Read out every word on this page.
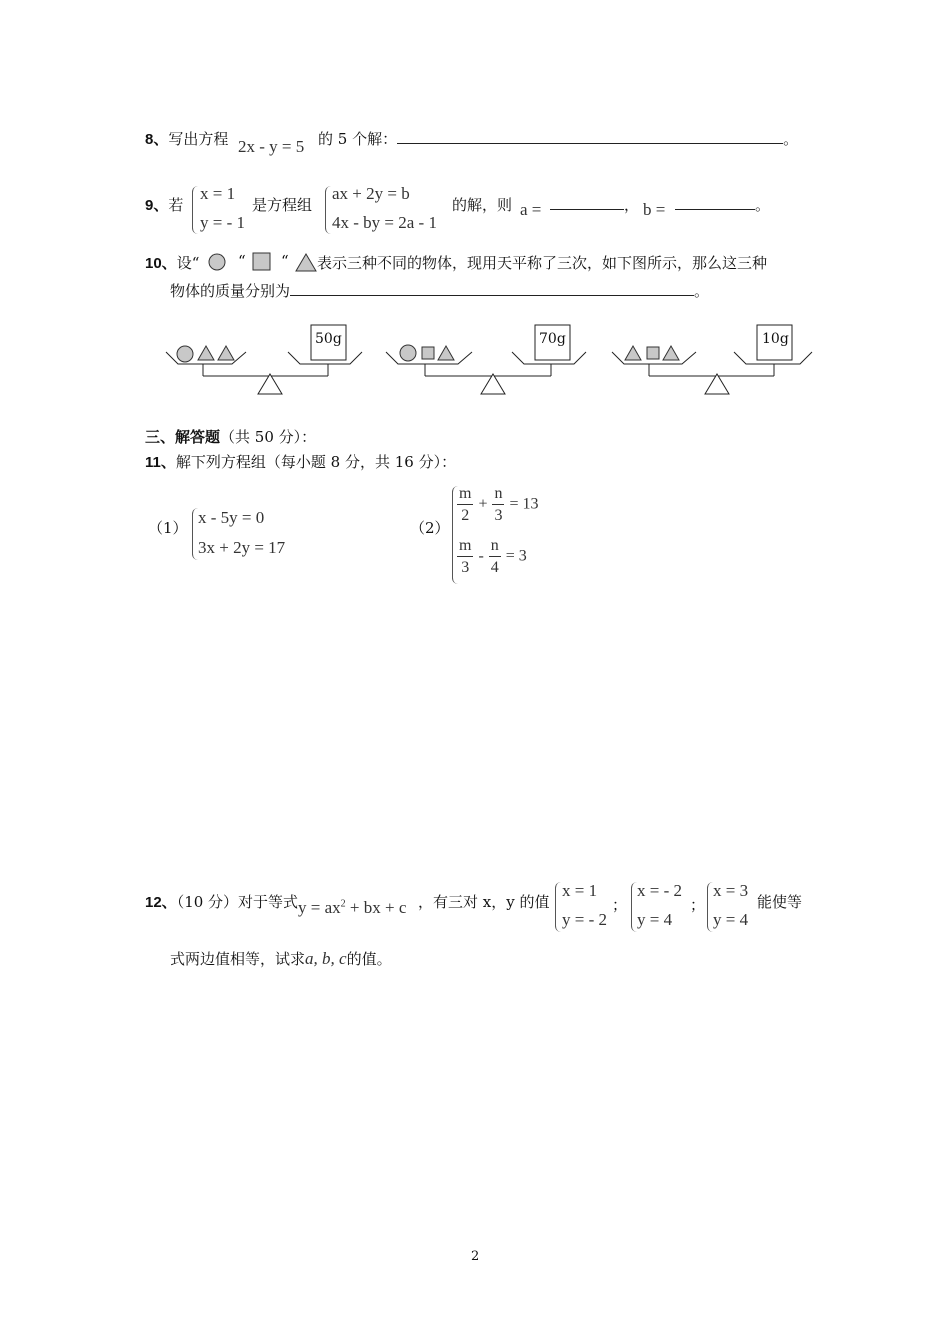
8、写出方程 2x - y = 5 的 5 个解：	。
9、若
x = 1
y = - 1
是方程组
ax + 2y = b
4x - by = 2a - 1
的解，则 a =	， b =	。
10、设“	“ “ 表示三种不同的物体，现用天平称了三次，如下图所示，那么这三种
物体的质量分别为	。
50g	70g	10g
三、解答题（共 50 分）：
11、解下列方程组（每小题 8 分，共 16 分）：
（1）
x - 5y = 0
3x + 2y = 17
（2）
$\frac{m}{2} + \frac{n}{3} = 13$
$\frac{m}{3} - \frac{n}{4} = 3$
12、（10 分）对于等式 $y = ax^2$ + bx + c ，有三对 x，y 的值
x = 1
y = - 2
；
x = - 2
y = 4
；
x = 3
y = 4
能使等
式两边值相等，试求a, b, c的值。
2
